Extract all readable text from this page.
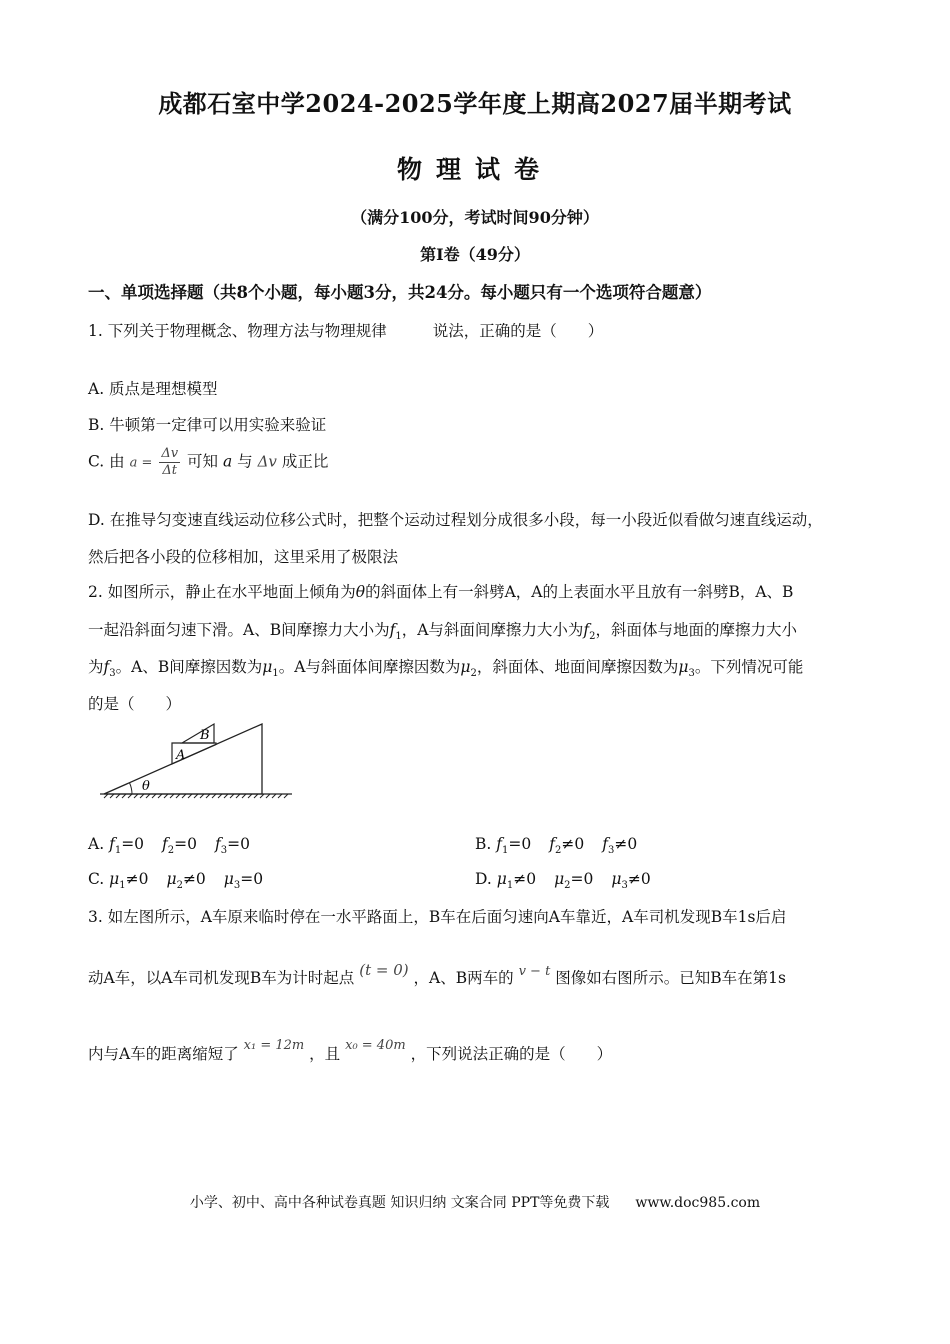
成都石室中学2024-2025学年度上期高2027届半期考试
物理试卷
（满分100分，考试时间90分钟）
第Ⅰ卷（49分）
一、单项选择题（共8个小题，每小题3分，共24分。每小题只有一个选项符合题意）
1. 下列关于物理概念、物理方法与物理规律	说法，正确的是（　　）
A. 质点是理想模型
B. 牛顿第一定律可以用实验来验证
C. 由 $a = \frac{\Delta v}{\Delta t}$ 可知 a 与 Δv 成正比
D. 在推导匀变速直线运动位移公式时，把整个运动过程划分成很多小段，每一小段近似看做匀速直线运动，
然后把各小段的位移相加，这里采用了极限法
2. 如图所示，静止在水平地面上倾角为θ的斜面体上有一斜劈A，A的上表面水平且放有一斜劈B，A、B
一起沿斜面匀速下滑。A、B间摩擦力大小为$f_1$，A与斜面间摩擦力大小为$f_2$，斜面体与地面的摩擦力大小
为$f_3$。A、B间摩擦因数为$\mu_1$。A与斜面体间摩擦因数为$\mu_2$，斜面体、地面间摩擦因数为$\mu_3$。下列情况可能
的是（　　）
θ
A
B
A. $f_1=0$ $f_2=0$ $f_3=0$	B. $f_1=0$ $f_2\ne 0$ $f_3\ne 0$
C. $\mu_1\ne 0$ $\mu_2\ne 0$ $\mu_3=0$	D. $\mu_1\ne 0$ $\mu_2=0$ $\mu_3\ne 0$
3. 如左图所示，A车原来临时停在一水平路面上，B车在后面匀速向A车靠近，A车司机发现B车1s后启
动A车，以A车司机发现B车为计时起点 (t = 0) ，A、B两车的 $^{v - t}$ 图像如右图所示。已知B车在第1s
内与A车的距离缩短了 $^{x_1 = 12m}$ ，且 $^{x_0 = 40m}$ ，下列说法正确的是（　　）
小学、初中、高中各种试卷真题 知识归纳 文案合同 PPT等免费下载 www.doc985.com
